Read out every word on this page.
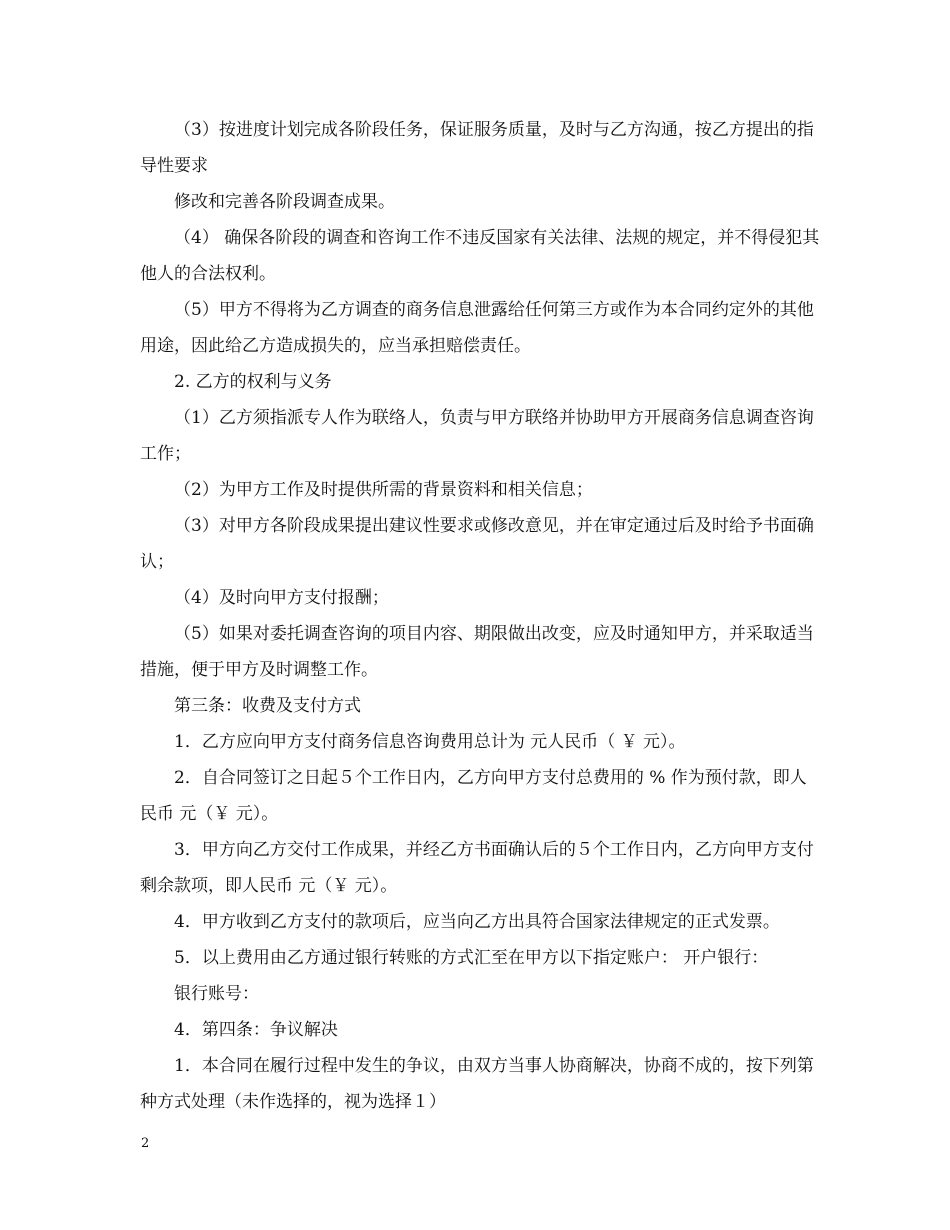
（3）按进度计划完成各阶段任务，保证服务质量，及时与乙方沟通，按乙方提出的指导性要求

修改和完善各阶段调查成果。

（4） 确保各阶段的调查和咨询工作不违反国家有关法律、法规的规定，并不得侵犯其他人的合法权利。

（5）甲方不得将为乙方调查的商务信息泄露给任何第三方或作为本合同约定外的其他用途，因此给乙方造成损失的，应当承担赔偿责任。

2. 乙方的权利与义务

（1）乙方须指派专人作为联络人，负责与甲方联络并协助甲方开展商务信息调查咨询工作；

（2）为甲方工作及时提供所需的背景资料和相关信息；

（3）对甲方各阶段成果提出建议性要求或修改意见，并在审定通过后及时给予书面确认；

（4）及时向甲方支付报酬；

（5）如果对委托调查咨询的项目内容、期限做出改变，应及时通知甲方，并采取适当措施，便于甲方及时调整工作。

第三条：收费及支付方式

1．乙方应向甲方支付商务信息咨询费用总计为 元人民币（ ￥ 元）。

2．自合同签订之日起５个工作日内，乙方向甲方支付总费用的 % 作为预付款，即人民币 元（￥ 元）。

3．甲方向乙方交付工作成果，并经乙方书面确认后的５个工作日内，乙方向甲方支付剩余款项，即人民币 元（￥ 元）。

4．甲方收到乙方支付的款项后，应当向乙方出具符合国家法律规定的正式发票。

5．以上费用由乙方通过银行转账的方式汇至在甲方以下指定账户： 开户银行：

银行账号：

4．第四条：争议解决

1．本合同在履行过程中发生的争议，由双方当事人协商解决，协商不成的，按下列第种方式处理（未作选择的，视为选择１）

2
